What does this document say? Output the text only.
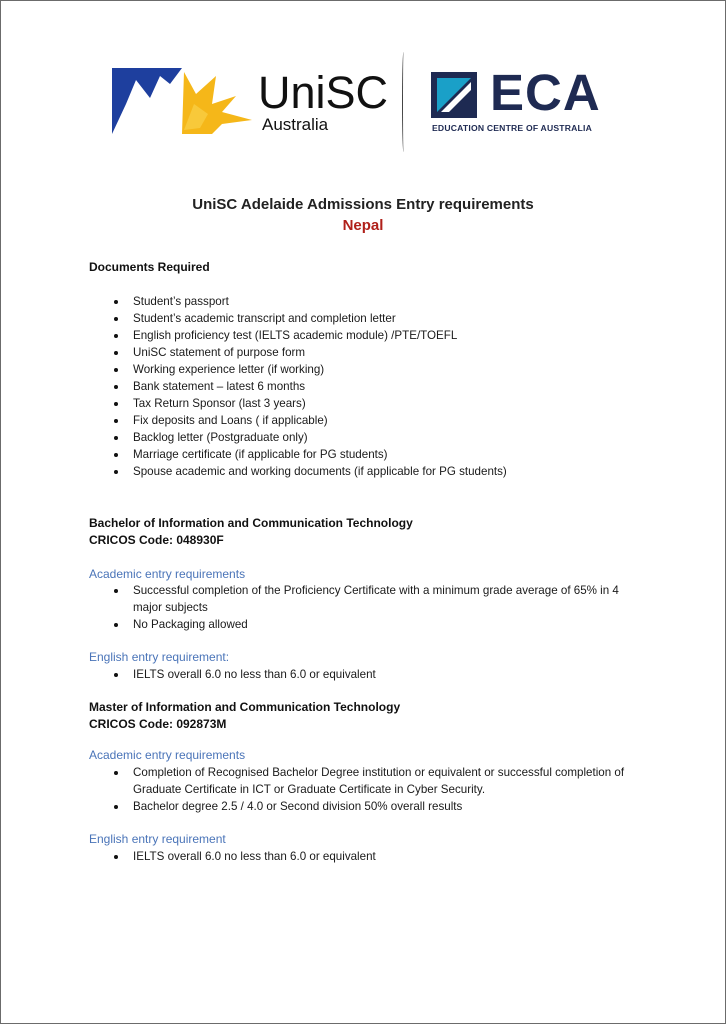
UniSC
Australia
ECA
EDUCATION CENTRE OF AUSTRALIA
UniSC Adelaide Admissions Entry requirements
Nepal
Documents Required
Student’s passport
Student’s academic transcript and completion letter
English proficiency test (IELTS academic module) /PTE/TOEFL
UniSC statement of purpose form
Working experience letter (if working)
Bank statement – latest 6 months
Tax Return Sponsor (last 3 years)
Fix deposits and Loans ( if applicable)
Backlog letter (Postgraduate only)
Marriage certificate (if applicable for PG students)
Spouse academic and working documents (if applicable for PG students)
Bachelor of Information and Communication Technology
CRICOS Code: 048930F
Academic entry requirements
Successful completion of the Proficiency Certificate with a minimum grade average of 65% in 4 major subjects
No Packaging allowed
English entry requirement:
IELTS overall 6.0 no less than 6.0 or equivalent
Master of Information and Communication Technology
CRICOS Code: 092873M
Academic entry requirements
Completion of Recognised Bachelor Degree institution or equivalent or successful completion of Graduate Certificate in ICT or Graduate Certificate in Cyber Security.
Bachelor degree 2.5 / 4.0 or Second division 50% overall results
English entry requirement
IELTS overall 6.0 no less than 6.0 or equivalent
